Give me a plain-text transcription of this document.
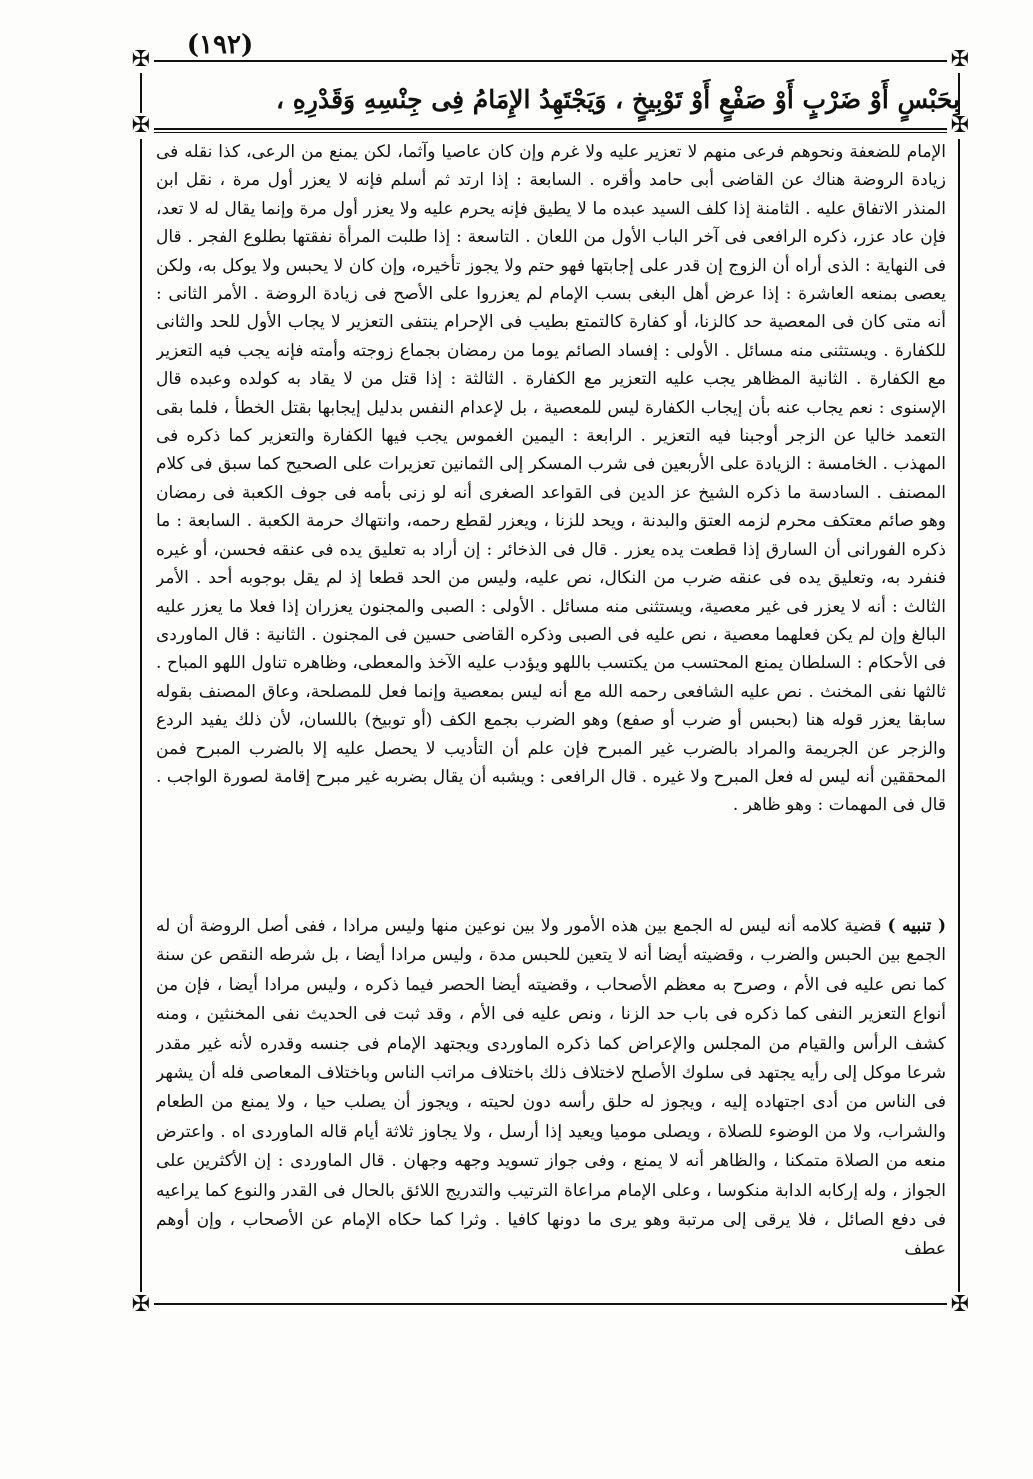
(١٩٢)
✠	✠
✠	✠
✠	✠
بِحَبْسٍ أَوْ ضَرْبٍ أَوْ صَفْعٍ أَوْ تَوْبِيخٍ ، وَيَجْتَهِدُ الإِمَامُ فِى جِنْسِهِ وَقَدْرِهِ ،
الإمام للضعفة ونحوهم فرعى منهم لا تعزير عليه ولا غرم وإن كان عاصيا وآثما، لكن يمنع من الرعى، كذا نقله فى زيادة الروضة هناك عن القاضى أبى حامد وأقره . السابعة : إذا ارتد ثم أسلم فإنه لا يعزر أول مرة ، نقل ابن المنذر الاتفاق عليه . الثامنة إذا كلف السيد عبده ما لا يطيق فإنه يحرم عليه ولا يعزر أول مرة وإنما يقال له لا تعد، فإن عاد عزر، ذكره الرافعى فى آخر الباب الأول من اللعان . التاسعة : إذا طلبت المرأة نفقتها بطلوع الفجر . قال فى النهاية : الذى أراه أن الزوج إن قدر على إجابتها فهو حتم ولا يجوز تأخيره، وإن كان لا يحبس ولا يوكل به، ولكن يعصى بمنعه العاشرة : إذا عرض أهل البغى بسب الإمام لم يعزروا على الأصح فى زيادة الروضة . الأمر الثانى : أنه متى كان فى المعصية حد كالزنا، أو كفارة كالتمتع بطيب فى الإحرام ينتفى التعزير لا يجاب الأول للحد والثانى للكفارة . ويستثنى منه مسائل . الأولى : إفساد الصائم يوما من رمضان بجماع زوجته وأمته فإنه يجب فيه التعزير مع الكفارة . الثانية المظاهر يجب عليه التعزير مع الكفارة . الثالثة : إذا قتل من لا يقاد به كولده وعبده قال الإسنوى : نعم يجاب عنه بأن إيجاب الكفارة ليس للمعصية ، بل لإعدام النفس بدليل إيجابها بقتل الخطأ ، فلما بقى التعمد خاليا عن الزجر أوجبنا فيه التعزير . الرابعة : اليمين الغموس يجب فيها الكفارة والتعزير كما ذكره فى المهذب . الخامسة : الزيادة على الأربعين فى شرب المسكر إلى الثمانين تعزيرات على الصحيح كما سبق فى كلام المصنف . السادسة ما ذكره الشيخ عز الدين فى القواعد الصغرى أنه لو زنى بأمه فى جوف الكعبة فى رمضان وهو صائم معتكف محرم لزمه العتق والبدنة ، ويحد للزنا ، ويعزر لقطع رحمه، وانتهاك حرمة الكعبة . السابعة : ما ذكره الفورانى أن السارق إذا قطعت يده يعزر . قال فى الذخائر : إن أراد به تعليق يده فى عنقه فحسن، أو غيره فنفرد به، وتعليق يده فى عنقه ضرب من النكال، نص عليه، وليس من الحد قطعا إذ لم يقل بوجوبه أحد . الأمر الثالث : أنه لا يعزر فى غير معصية، ويستثنى منه مسائل . الأولى : الصبى والمجنون يعزران إذا فعلا ما يعزر عليه البالغ وإن لم يكن فعلهما معصية ، نص عليه فى الصبى وذكره القاضى حسين فى المجنون . الثانية : قال الماوردى فى الأحكام : السلطان يمنع المحتسب من يكتسب باللهو ويؤدب عليه الآخذ والمعطى، وظاهره تناول اللهو المباح . ثالثها نفى المخنث . نص عليه الشافعى رحمه الله مع أنه ليس بمعصية وإنما فعل للمصلحة، وعاق المصنف بقوله سابقا يعزر قوله هنا (بحبس أو ضرب أو صفع) وهو الضرب بجمع الكف (أو توبيخ) باللسان، لأن ذلك يفيد الردع والزجر عن الجريمة والمراد بالضرب غير المبرح فإن علم أن التأديب لا يحصل عليه إلا بالضرب المبرح فمن المحققين أنه ليس له فعل المبرح ولا غيره . قال الرافعى : ويشبه أن يقال بضربه غير مبرح إقامة لصورة الواجب . قال فى المهمات : وهو ظاهر .
( تنبيه ) قضية كلامه أنه ليس له الجمع بين هذه الأمور ولا بين نوعين منها وليس مرادا ، ففى أصل الروضة أن له الجمع بين الحبس والضرب ، وقضيته أيضا أنه لا يتعين للحبس مدة ، وليس مرادا أيضا ، بل شرطه النقص عن سنة كما نص عليه فى الأم ، وصرح به معظم الأصحاب ، وقضيته أيضا الحصر فيما ذكره ، وليس مرادا أيضا ، فإن من أنواع التعزير النفى كما ذكره فى باب حد الزنا ، ونص عليه فى الأم ، وقد ثبت فى الحديث نفى المخنثين ، ومنه كشف الرأس والقيام من المجلس والإعراض كما ذكره الماوردى ويجتهد الإمام فى جنسه وقدره لأنه غير مقدر شرعا موكل إلى رأيه يجتهد فى سلوك الأصلح لاختلاف ذلك باختلاف مراتب الناس وباختلاف المعاصى فله أن يشهر فى الناس من أدى اجتهاده إليه ، ويجوز له حلق رأسه دون لحيته ، ويجوز أن يصلب حيا ، ولا يمنع من الطعام والشراب، ولا من الوضوء للصلاة ، ويصلى موميا ويعيد إذا أرسل ، ولا يجاوز ثلاثة أيام قاله الماوردى اه . واعترض منعه من الصلاة متمكنا ، والظاهر أنه لا يمنع ، وفى جواز تسويد وجهه وجهان . قال الماوردى : إن الأكثرين على الجواز ، وله إركابه الدابة منكوسا ، وعلى الإمام مراعاة الترتيب والتدريج اللائق بالحال فى القدر والنوع كما يراعيه فى دفع الصائل ، فلا يرقى إلى مرتبة وهو يرى ما دونها كافيا . وثرا كما حكاه الإمام عن الأصحاب ، وإن أوهم عطف
